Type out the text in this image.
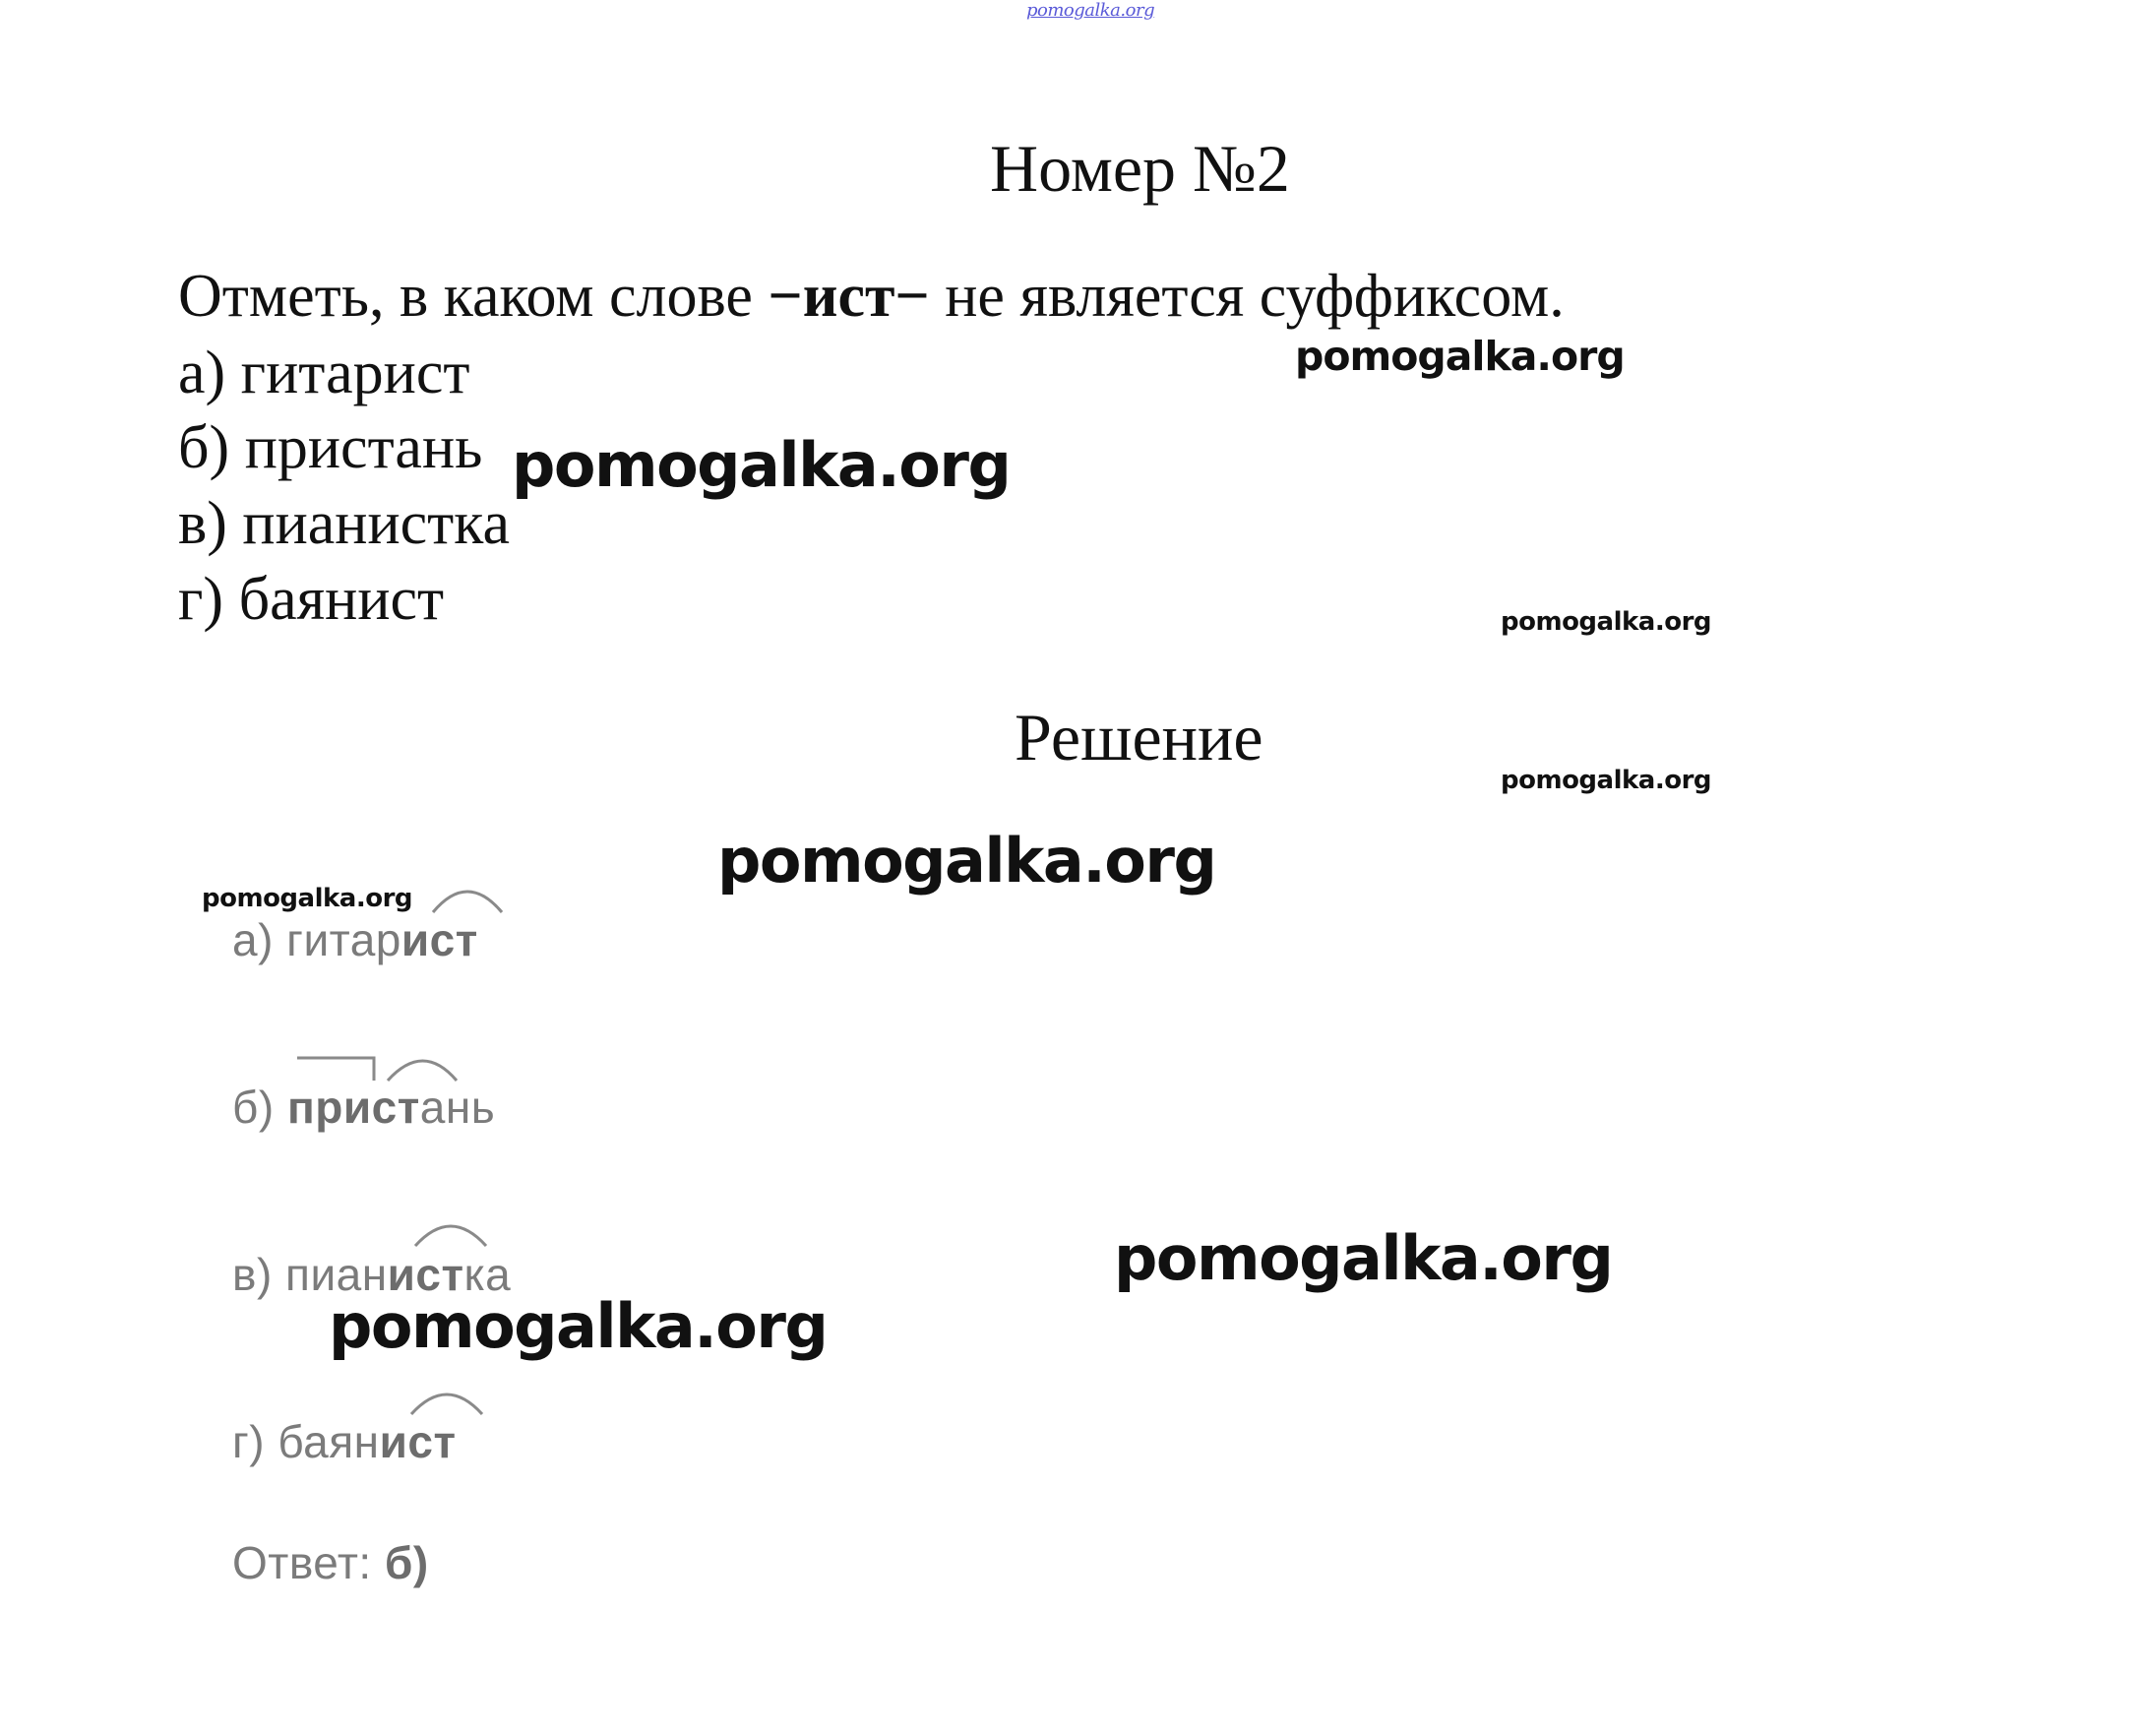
pomogalka.org
Номер №2
Отметь, в каком слове −ист− не является суффиксом.
а) гитарист
б) пристань
в) пианистка
г) баянист
Решение
а) гитарист
б) пристань
в) пианистка
г) баянист
Ответ: б)
pomogalka.org
pomogalka.org
pomogalka.org
pomogalka.org
pomogalka.org
pomogalka.org
pomogalka.org
pomogalka.org
